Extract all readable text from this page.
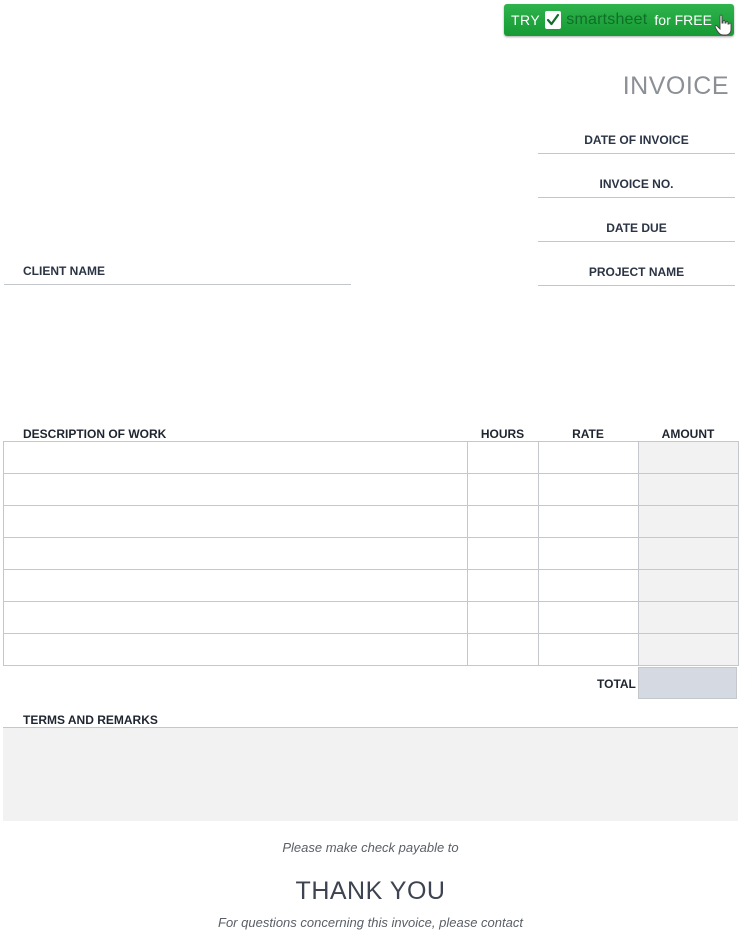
TRY smartsheet for FREE
INVOICE
DATE OF INVOICE
INVOICE NO.
DATE DUE
PROJECT NAME
CLIENT NAME
DESCRIPTION OF WORK	HOURS	RATE	AMOUNT

TOTAL
TERMS AND REMARKS
Please make check payable to
THANK YOU
For questions concerning this invoice, please contact
